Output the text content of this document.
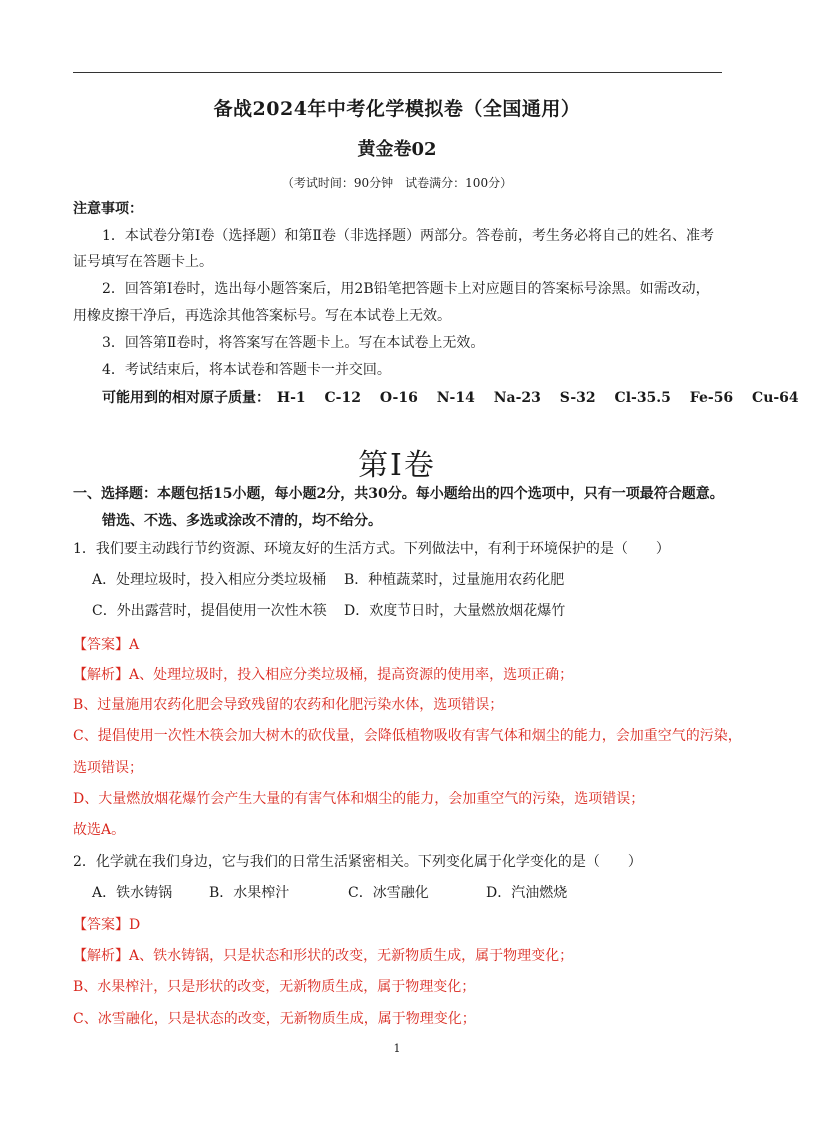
备战2024年中考化学模拟卷（全国通用）
黄金卷02
（考试时间：90分钟　试卷满分：100分）
注意事项：
1．本试卷分第Ⅰ卷（选择题）和第Ⅱ卷（非选择题）两部分。答卷前，考生务必将自己的姓名、准考
证号填写在答题卡上。
2．回答第Ⅰ卷时，选出每小题答案后，用2B铅笔把答题卡上对应题目的答案标号涂黑。如需改动，
用橡皮擦干净后，再选涂其他答案标号。写在本试卷上无效。
3．回答第Ⅱ卷时，将答案写在答题卡上。写在本试卷上无效。
4．考试结束后，将本试卷和答题卡一并交回。
可能用到的相对原子质量： H-1 C-12 O-16 N-14 Na-23 S-32 Cl-35.5 Fe-56 Cu-64
第Ⅰ卷
一、选择题：本题包括15小题，每小题2分，共30分。每小题给出的四个选项中，只有一项最符合题意。
错选、不选、多选或涂改不清的，均不给分。
1．我们要主动践行节约资源、环境友好的生活方式。下列做法中，有利于环境保护的是（　　）
A．处理垃圾时，投入相应分类垃圾桶 B．种植蔬菜时，过量施用农药化肥
C．外出露营时，提倡使用一次性木筷 D．欢度节日时，大量燃放烟花爆竹
【答案】A
【解析】A、处理垃圾时，投入相应分类垃圾桶，提高资源的使用率，选项正确；
B、过量施用农药化肥会导致残留的农药和化肥污染水体，选项错误；
C、提倡使用一次性木筷会加大树木的砍伐量，会降低植物吸收有害气体和烟尘的能力，会加重空气的污染，
选项错误；
D、大量燃放烟花爆竹会产生大量的有害气体和烟尘的能力，会加重空气的污染，选项错误；
故选A。
2．化学就在我们身边，它与我们的日常生活紧密相关。下列变化属于化学变化的是（　　）
A．铁水铸锅	B．水果榨汁	C．冰雪融化	D．汽油燃烧
【答案】D
【解析】A、铁水铸锅，只是状态和形状的改变，无新物质生成，属于物理变化；
B、水果榨汁，只是形状的改变，无新物质生成，属于物理变化；
C、冰雪融化，只是状态的改变，无新物质生成，属于物理变化；
1
